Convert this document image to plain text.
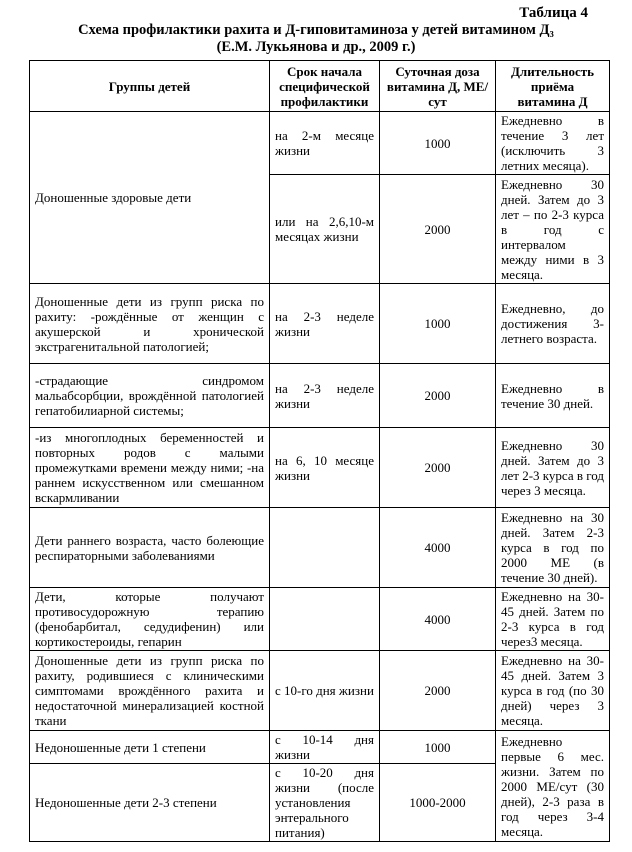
Таблица 4
Схема профилактики рахита и Д-гиповитаминоза у детей витамином Д₃
(Е.М. Лукьянова и др., 2009 г.)
Группы детей	Срок начала специфической профилактики	Суточная доза витамина Д, МЕ/сут	Длительность приёма витамина Д
Доношенные здоровые дети	на 2-м месяце жизни	1000	Ежедневно в течение 3 лет (исключить 3 летних месяца).

	или на 2,6,10-м месяцах жизни	2000	Ежедневно 30 дней. Затем до 3 лет – по 2-3 курса в год с интервалом между ними в 3 месяца.

Доношенные дети из групп риска по рахиту: -рождённые от женщин с акушерской и хронической экстрагенитальной патологией;	на 2-3 неделе жизни	1000	Ежедневно, до достижения 3-летнего возраста.

-страдающие синдромом мальабсорбции, врождённой патологией гепатобилиарной системы;	на 2-3 неделе жизни	2000	Ежедневно в течение 30 дней.

-из многоплодных беременностей и повторных родов с малыми промежутками времени между ними; -на раннем искусственном или смешанном вскармливании	на 6, 10 месяце жизни	2000	Ежедневно 30 дней. Затем до 3 лет 2-3 курса в год через 3 месяца.

Дети раннего возраста, часто болеющие респираторными заболеваниями		4000	Ежедневно на 30 дней. Затем 2-3 курса в год по 2000 МЕ (в течение 30 дней).

Дети, которые получают противосудорожную терапию (фенобарбитал, седудифенин) или кортикостероиды, гепарин		4000	Ежедневно на 30-45 дней. Затем по 2-3 курса в год через3 месяца.

Доношенные дети из групп риска по рахиту, родившиеся с клиническими симптомами врождённого рахита и недостаточной минерализацией костной ткани	с 10-го дня жизни	2000	Ежедневно на 30-45 дней. Затем 3 курса в год (по 30 дней) через 3 месяца.

Недоношенные дети 1 степени	с 10-14 дня жизни	1000	Ежедневно первые 6 мес. жизни. Затем по 2000 МЕ/сут (30 дней), 2-3 раза в год через 3-4 месяца.

Недоношенные дети 2-3 степени	с 10-20 дня жизни (после установления энтерального питания)	1000-2000	
